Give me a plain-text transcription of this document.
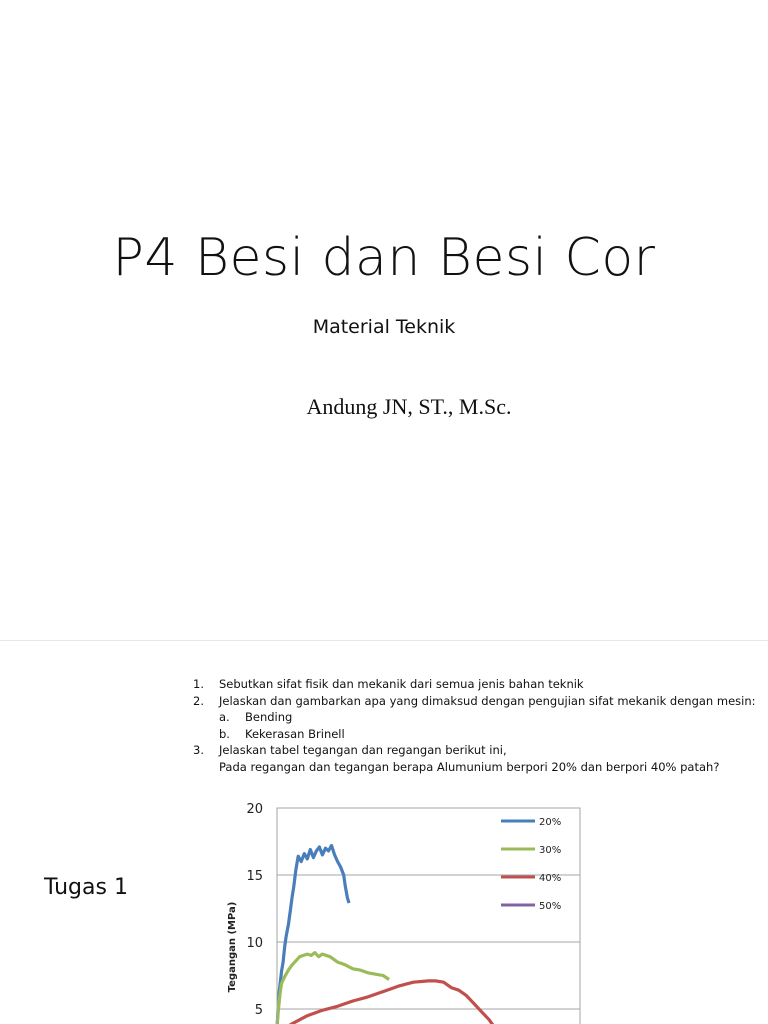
P4 Besi dan Besi Cor
Material Teknik
Andung JN, ST., M.Sc.
Tugas 1
1.	Sebutkan sifat fisik dan mekanik dari semua jenis bahan teknik
2.	Jelaskan dan gambarkan apa yang dimaksud dengan pengujian sifat mekanik dengan mesin:
a.	Bending
b.	Kekerasan Brinell
3.	Jelaskan tabel tegangan dan regangan berikut ini,
Pada regangan dan tegangan berapa Alumunium berpori 20% dan berpori 40% patah?
5
10
15
20
Tegangan (MPa)
20%
30%
40%
50%
